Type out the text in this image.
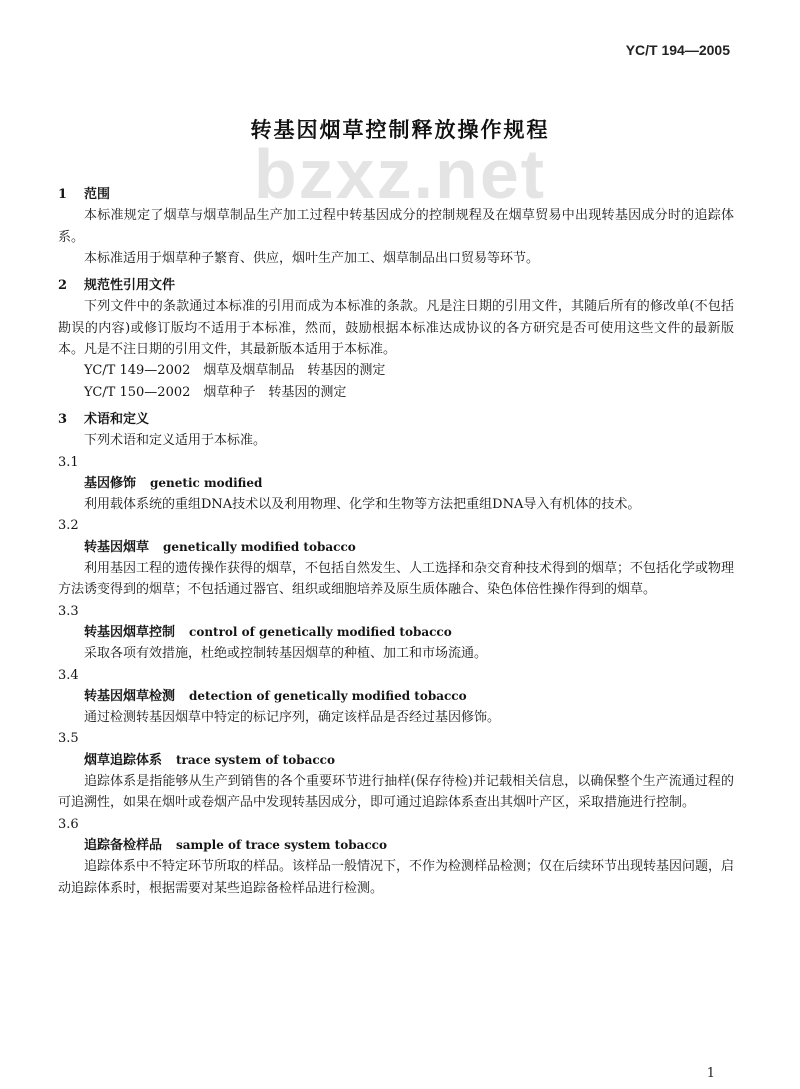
YC/T 194—2005
转基因烟草控制释放操作规程
bzxz.net

1 范围

本标准规定了烟草与烟草制品生产加工过程中转基因成分的控制规程及在烟草贸易中出现转基因成分时的追踪体系。

本标准适用于烟草种子繁育、供应，烟叶生产加工、烟草制品出口贸易等环节。

2 规范性引用文件

下列文件中的条款通过本标准的引用而成为本标准的条款。凡是注日期的引用文件，其随后所有的修改单(不包括勘误的内容)或修订版均不适用于本标准，然而，鼓励根据本标准达成协议的各方研究是否可使用这些文件的最新版本。凡是不注日期的引用文件，其最新版本适用于本标准。

YC/T 149—2002　烟草及烟草制品　转基因的测定

YC/T 150—2002　烟草种子　转基因的测定

3 术语和定义

下列术语和定义适用于本标准。

3.1

基因修饰 genetic modified

利用载体系统的重组DNA技术以及利用物理、化学和生物等方法把重组DNA导入有机体的技术。

3.2

转基因烟草 genetically modified tobacco

利用基因工程的遗传操作获得的烟草，不包括自然发生、人工选择和杂交育种技术得到的烟草；不包括化学或物理方法诱变得到的烟草；不包括通过器官、组织或细胞培养及原生质体融合、染色体倍性操作得到的烟草。

3.3

转基因烟草控制 control of genetically modified tobacco

采取各项有效措施，杜绝或控制转基因烟草的种植、加工和市场流通。

3.4

转基因烟草检测 detection of genetically modified tobacco

通过检测转基因烟草中特定的标记序列，确定该样品是否经过基因修饰。

3.5

烟草追踪体系 trace system of tobacco

追踪体系是指能够从生产到销售的各个重要环节进行抽样(保存待检)并记载相关信息，以确保整个生产流通过程的可追溯性，如果在烟叶或卷烟产品中发现转基因成分，即可通过追踪体系查出其烟叶产区，采取措施进行控制。

3.6

追踪备检样品 sample of trace system tobacco

追踪体系中不特定环节所取的样品。该样品一般情况下，不作为检测样品检测；仅在后续环节出现转基因问题，启动追踪体系时，根据需要对某些追踪备检样品进行检测。

1
